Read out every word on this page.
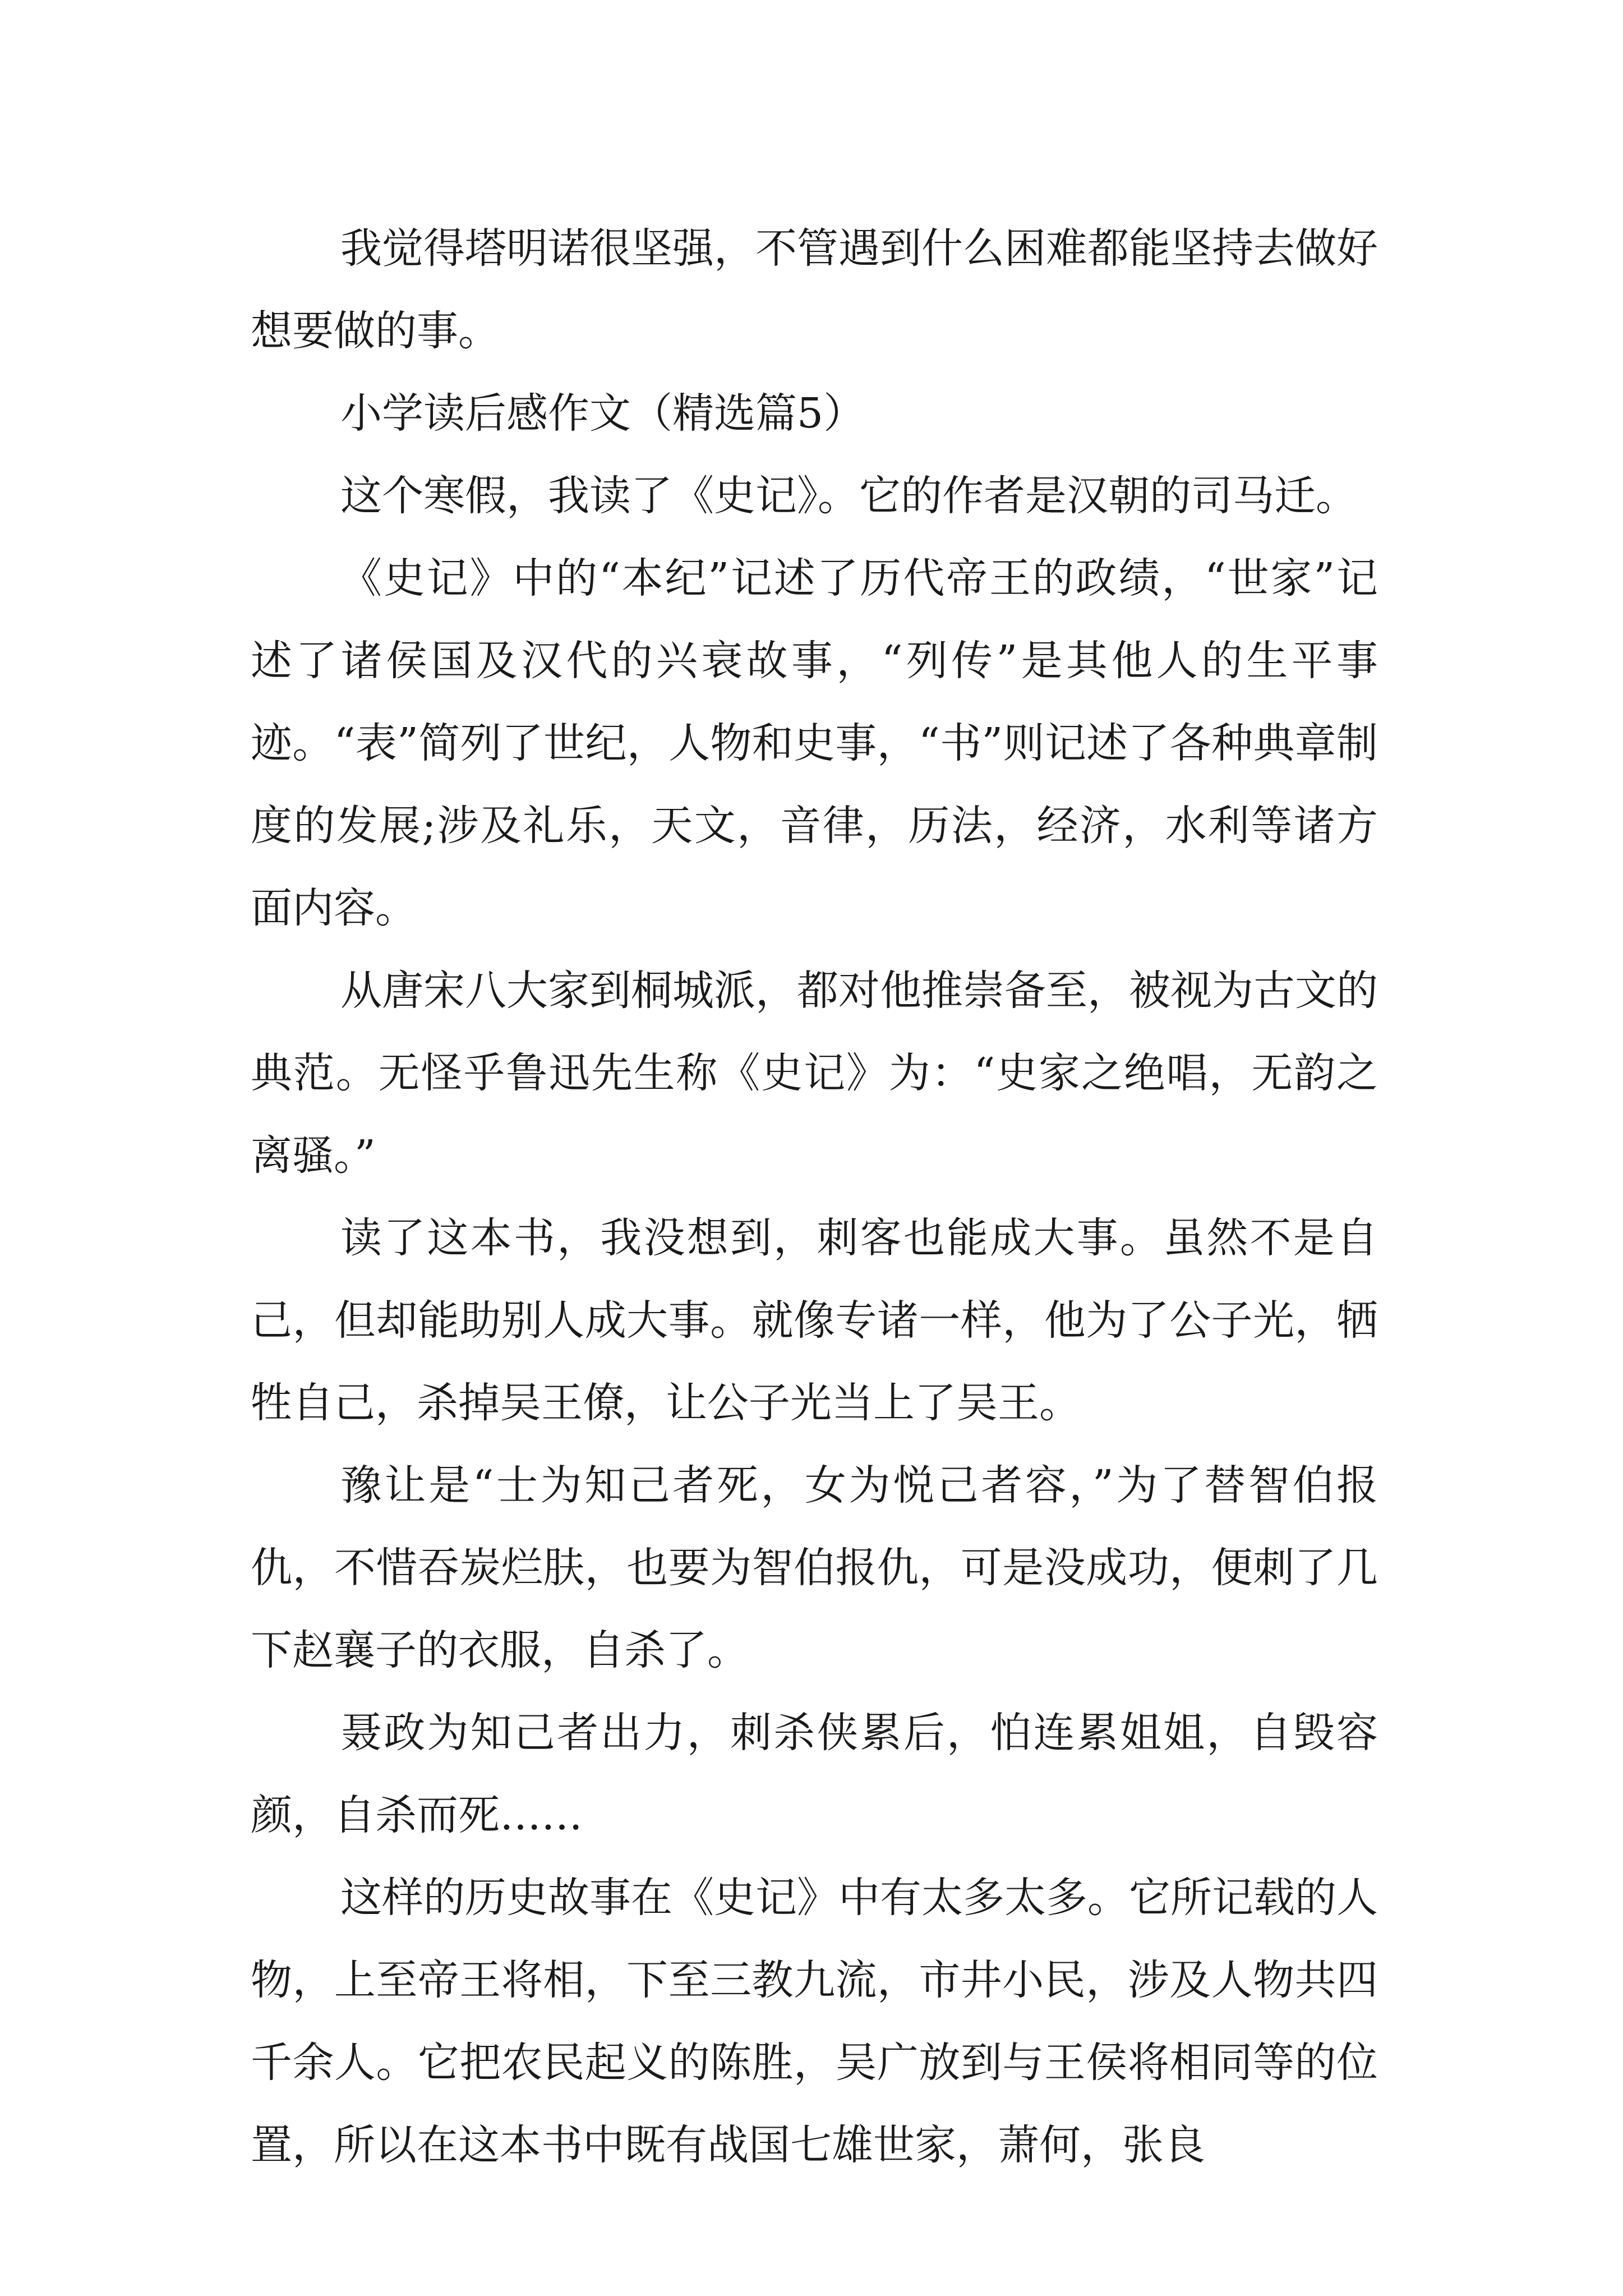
我觉得塔明诺很坚强，不管遇到什么困难都能坚持去做好想要做的事。

小学读后感作文（精选篇5）

这个寒假，我读了《史记》。它的作者是汉朝的司马迁。

《史记》中的“本纪”记述了历代帝王的政绩，“世家”记述了诸侯国及汉代的兴衰故事，“列传”是其他人的生平事迹。“表”简列了世纪，人物和史事，“书”则记述了各种典章制度的发展;涉及礼乐，天文，音律，历法，经济，水利等诸方面内容。

从唐宋八大家到桐城派，都对他推崇备至，被视为古文的典范。无怪乎鲁迅先生称《史记》为：“史家之绝唱，无韵之离骚。”

读了这本书，我没想到，刺客也能成大事。虽然不是自己，但却能助别人成大事。就像专诸一样，他为了公子光，牺牲自己，杀掉吴王僚，让公子光当上了吴王。

豫让是“士为知己者死，女为悦己者容，”为了替智伯报仇，不惜吞炭烂肤，也要为智伯报仇，可是没成功，便刺了几下赵襄子的衣服，自杀了。

聂政为知己者出力，刺杀侠累后，怕连累姐姐，自毁容颜，自杀而死……

这样的历史故事在《史记》中有太多太多。它所记载的人物，上至帝王将相，下至三教九流，市井小民，涉及人物共四千余人。它把农民起义的陈胜，吴广放到与王侯将相同等的位置，所以在这本书中既有战国七雄世家，萧何，张良
